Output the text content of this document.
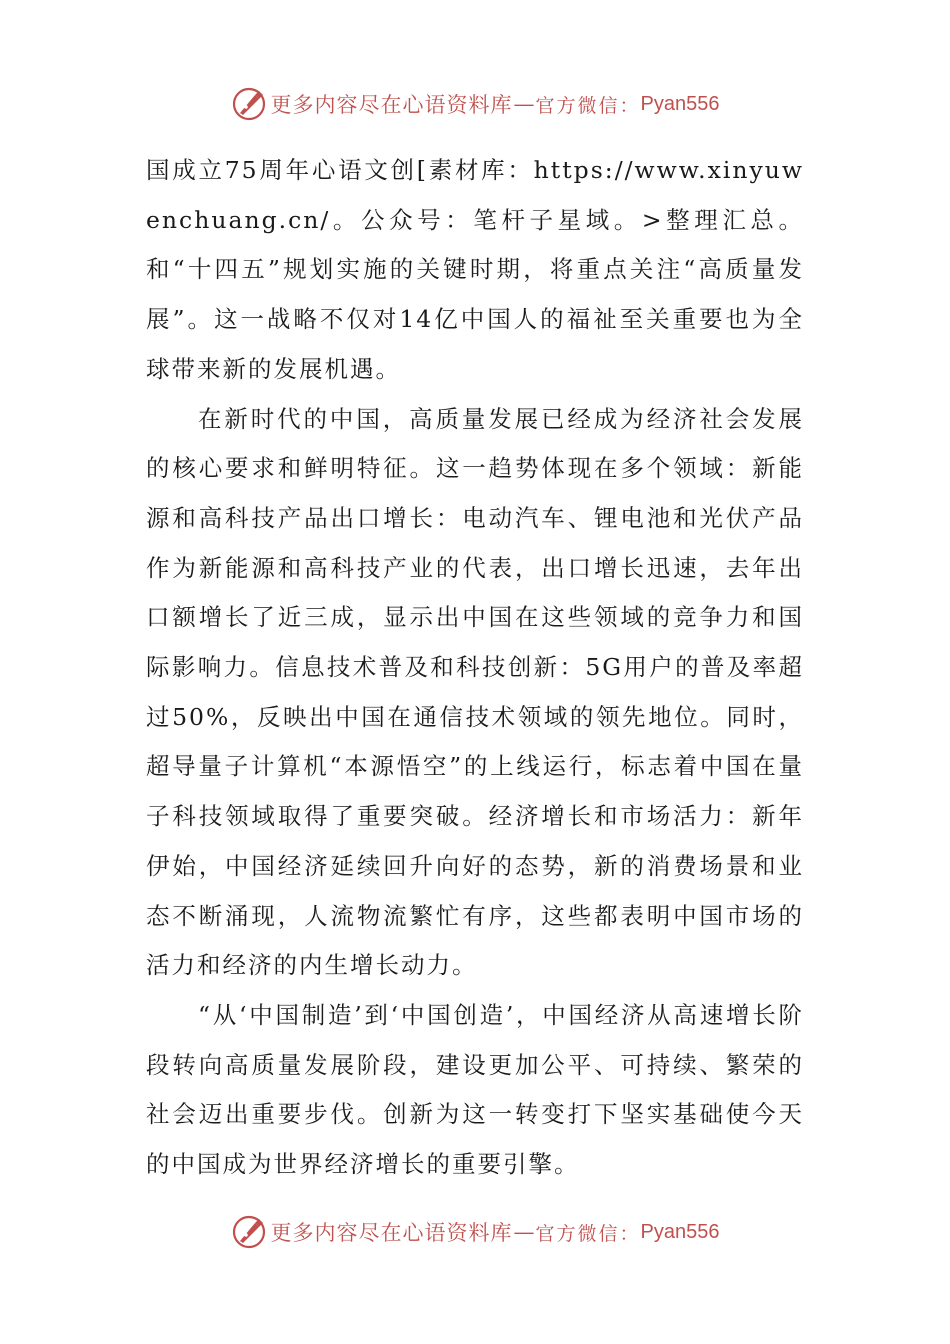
更多内容尽在心语资料库 — 官方微信： Pyan556

国成立75周年心语文创[素材库：https://www.xinyuwenchuang.cn/。公众号：笔杆子星域。>整理汇总。和“十四五”规划实施的关键时期，将重点关注“高质量发展”。这一战略不仅对14亿中国人的福祉至关重要也为全球带来新的发展机遇。

在新时代的中国，高质量发展已经成为经济社会发展的核心要求和鲜明特征。这一趋势体现在多个领域：新能源和高科技产品出口增长：电动汽车、锂电池和光伏产品作为新能源和高科技产业的代表，出口增长迅速，去年出口额增长了近三成，显示出中国在这些领域的竞争力和国际影响力。信息技术普及和科技创新：5G用户的普及率超过50%，反映出中国在通信技术领域的领先地位。同时，超导量子计算机“本源悟空”的上线运行，标志着中国在量子科技领域取得了重要突破。经济增长和市场活力：新年伊始，中国经济延续回升向好的态势，新的消费场景和业态不断涌现，人流物流繁忙有序，这些都表明中国市场的活力和经济的内生增长动力。

“从‘中国制造’到‘中国创造’，中国经济从高速增长阶段转向高质量发展阶段，建设更加公平、可持续、繁荣的社会迈出重要步伐。创新为这一转变打下坚实基础使今天的中国成为世界经济增长的重要引擎。

更多内容尽在心语资料库 — 官方微信： Pyan556
